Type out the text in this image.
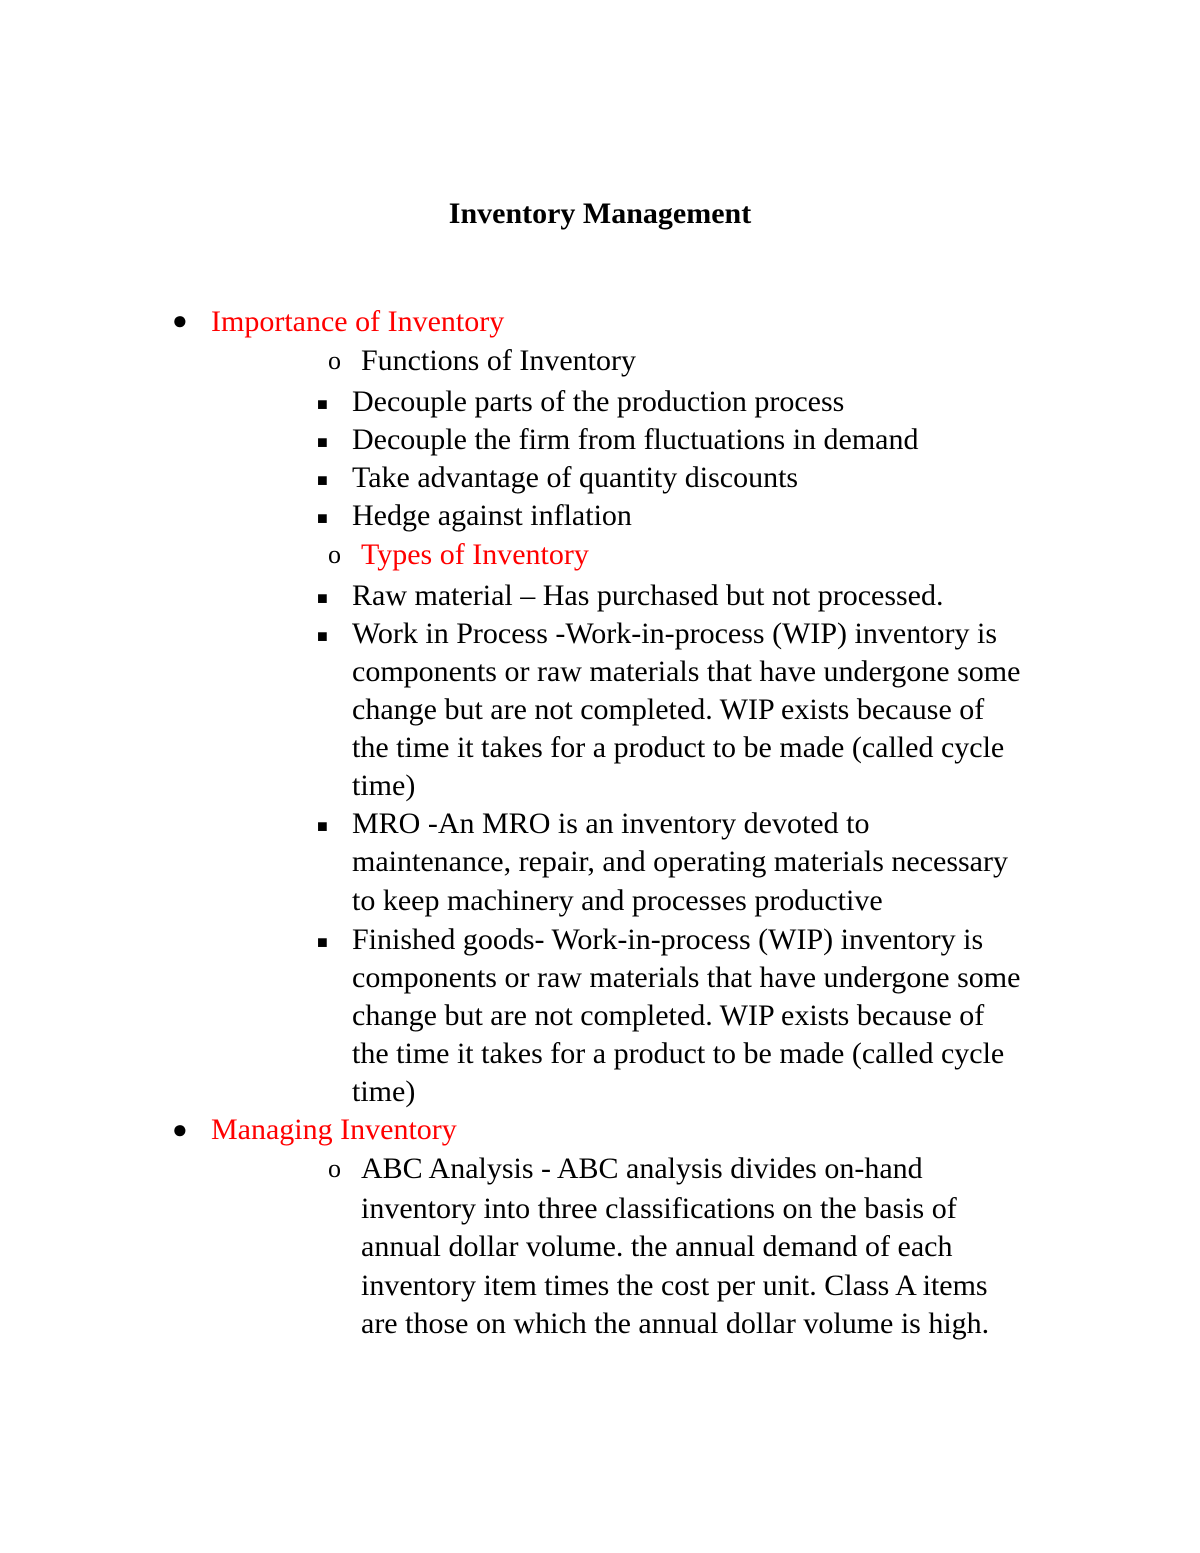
Inventory Management
● Importance of Inventory
o Functions of Inventory
■ Decouple parts of the production process
■ Decouple the firm from fluctuations in demand
■ Take advantage of quantity discounts
■ Hedge against inflation
o Types of Inventory
■ Raw material – Has purchased but not processed.
■ Work in Process -Work-in-process (WIP) inventory is
components or raw materials that have undergone some
change but are not completed. WIP exists because of
the time it takes for a product to be made (called cycle
time)
■ MRO -An MRO is an inventory devoted to
maintenance, repair, and operating materials necessary
to keep machinery and processes productive
■ Finished goods- Work-in-process (WIP) inventory is
components or raw materials that have undergone some
change but are not completed. WIP exists because of
the time it takes for a product to be made (called cycle
time)
● Managing Inventory
o ABC Analysis - ABC analysis divides on-hand
inventory into three classifications on the basis of
annual dollar volume. the annual demand of each
inventory item times the cost per unit. Class A items
are those on which the annual dollar volume is high.
